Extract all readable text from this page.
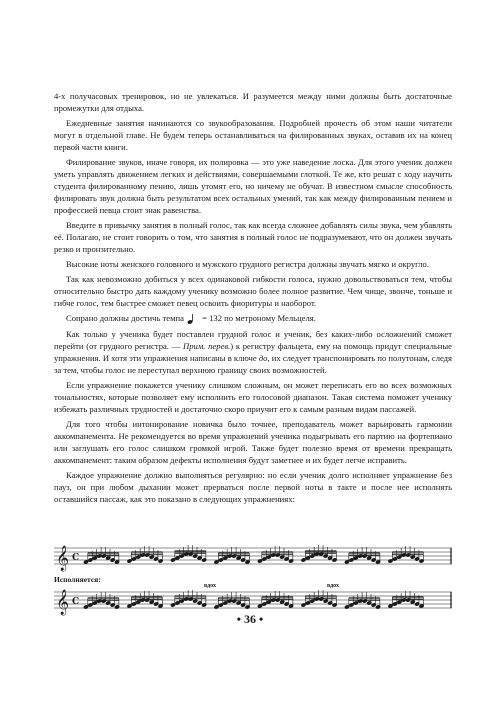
4-х получасовых тренировок, но не увлекаться. И разумеется между ними должны быть достаточные промежутки для отдыха.

Ежедневные занятия начинаются со звукообразования. Подробней прочесть об этом наши читатели могут в отдельной главе. Не будем теперь останавливаться на филированных звуках, оставив их на конец первой части книги.

Филирование звуков, иначе говоря, их полировка — это уже наведение лоска. Для этого ученик должен уметь управлять движением легких и действиями, совершаемыми глоткой. Те же, кто решат с ходу научить студента филированному пению, лишь утомят его, но ничему не обучат. В известном смысле способность филировать звук должна быть результатом всех остальных умений, так как между филированным пением и профессией певца стоит знак равенства.

Введите в привычку занятия в полный голос, так как всегда сложнее добавлять силы звука, чем убавлять её. Полагаю, не стоит говорить о том, что занятия в полный голос не подразумевают, что он должен звучать резко и пронзительно.

Высокие ноты женского головного и мужского грудного регистра должны звучать мягко и округло.

Так как невозможно добиться у всех одинаковой гибкости голоса, нужно довольствоваться тем, чтобы относительно быстро дать каждому ученику возможно более полное развитие. Чем чище, звонче, тоньше и гибче голос, тем быстрее сможет певец освоить фиоритуры и наоборот.

Сопрано должны достичь темпа = 132 по метроному Мельцеля.

Как только у ученика будет поставлен грудной голос и ученик, без каких-либо осложнений сможет перейти (от грудного регистра. — Прим. перев.) к регистру фальцета, ему на помощь придут специальные упражнения. И хотя эти упражнения написаны в ключе до, их следует транспонировать по полутонам, следя за тем, чтобы голос не переступал верхнюю границу своих возможностей.

Если упражнение покажется ученику слишком сложным, он может переписать его во всех возможных тональностях, которые позволяет ему исполнить его голосовой диапазон. Такая система поможет ученику избежать различных трудностей и достаточно скоро приучит его к самым разным видам пассажей.

Для того чтобы интонирование новичка было точнее, преподаватель может варьировать гармонии аккомпанемента. Не рекомендуется во время упражнений ученика подыгрывать его партию на фортепиано или заглушать его голос слишком громкой игрой. Также будет полезно время от времени прекращать аккомпанемент: таким образом дефекты исполнения будут заметнее и их будет легче исправить.

Каждое упражнение должно выполняться регулярно: но если ученик долго исполняет упражнение без пауз, он при любом дыхании может прерваться после первой ноты в такте и после нее исполнять оставшийся пассаж, как это показано в следующих упражнениях:

𝄞 C
Исполняется:
вдох	вдох
𝄞 C
• 36 •
